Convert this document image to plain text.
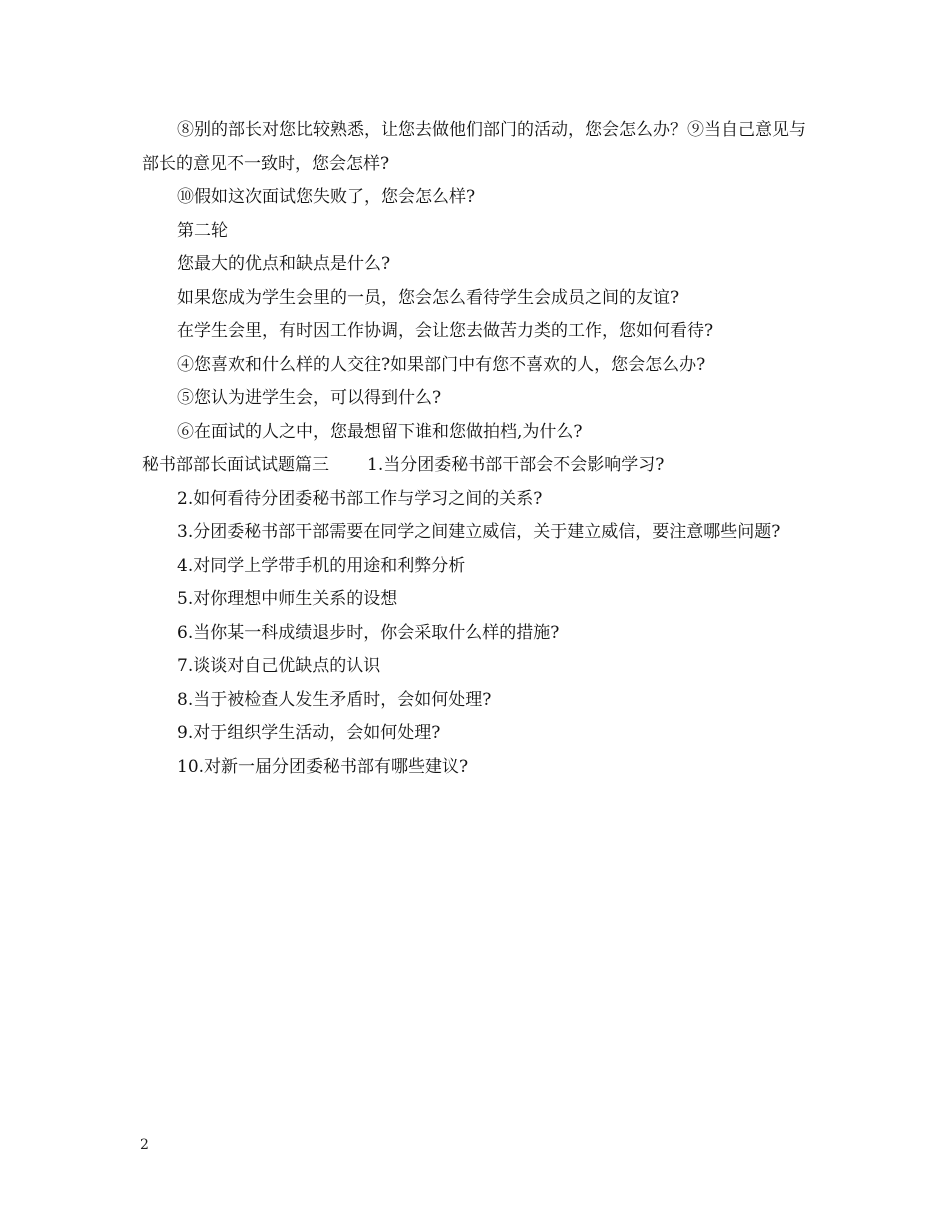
⑧别的部长对您比较熟悉，让您去做他们部门的活动，您会怎么办？⑨当自己意见与部长的意见不一致时，您会怎样?

⑩假如这次面试您失败了，您会怎么样?

第二轮

您最大的优点和缺点是什么?

如果您成为学生会里的一员，您会怎么看待学生会成员之间的友谊?

在学生会里，有时因工作协调，会让您去做苦力类的工作，您如何看待?

④您喜欢和什么样的人交往?如果部门中有您不喜欢的人，您会怎么办?

⑤您认为进学生会，可以得到什么?

⑥在面试的人之中，您最想留下谁和您做拍档,为什么?

秘书部部长面试试题篇三 1.当分团委秘书部干部会不会影响学习?

2.如何看待分团委秘书部工作与学习之间的关系?

3.分团委秘书部干部需要在同学之间建立威信，关于建立威信，要注意哪些问题?

4.对同学上学带手机的用途和利弊分析

5.对你理想中师生关系的设想

6.当你某一科成绩退步时，你会采取什么样的措施?

7.谈谈对自己优缺点的认识

8.当于被检查人发生矛盾时，会如何处理?

9.对于组织学生活动，会如何处理?

10.对新一届分团委秘书部有哪些建议?

2
